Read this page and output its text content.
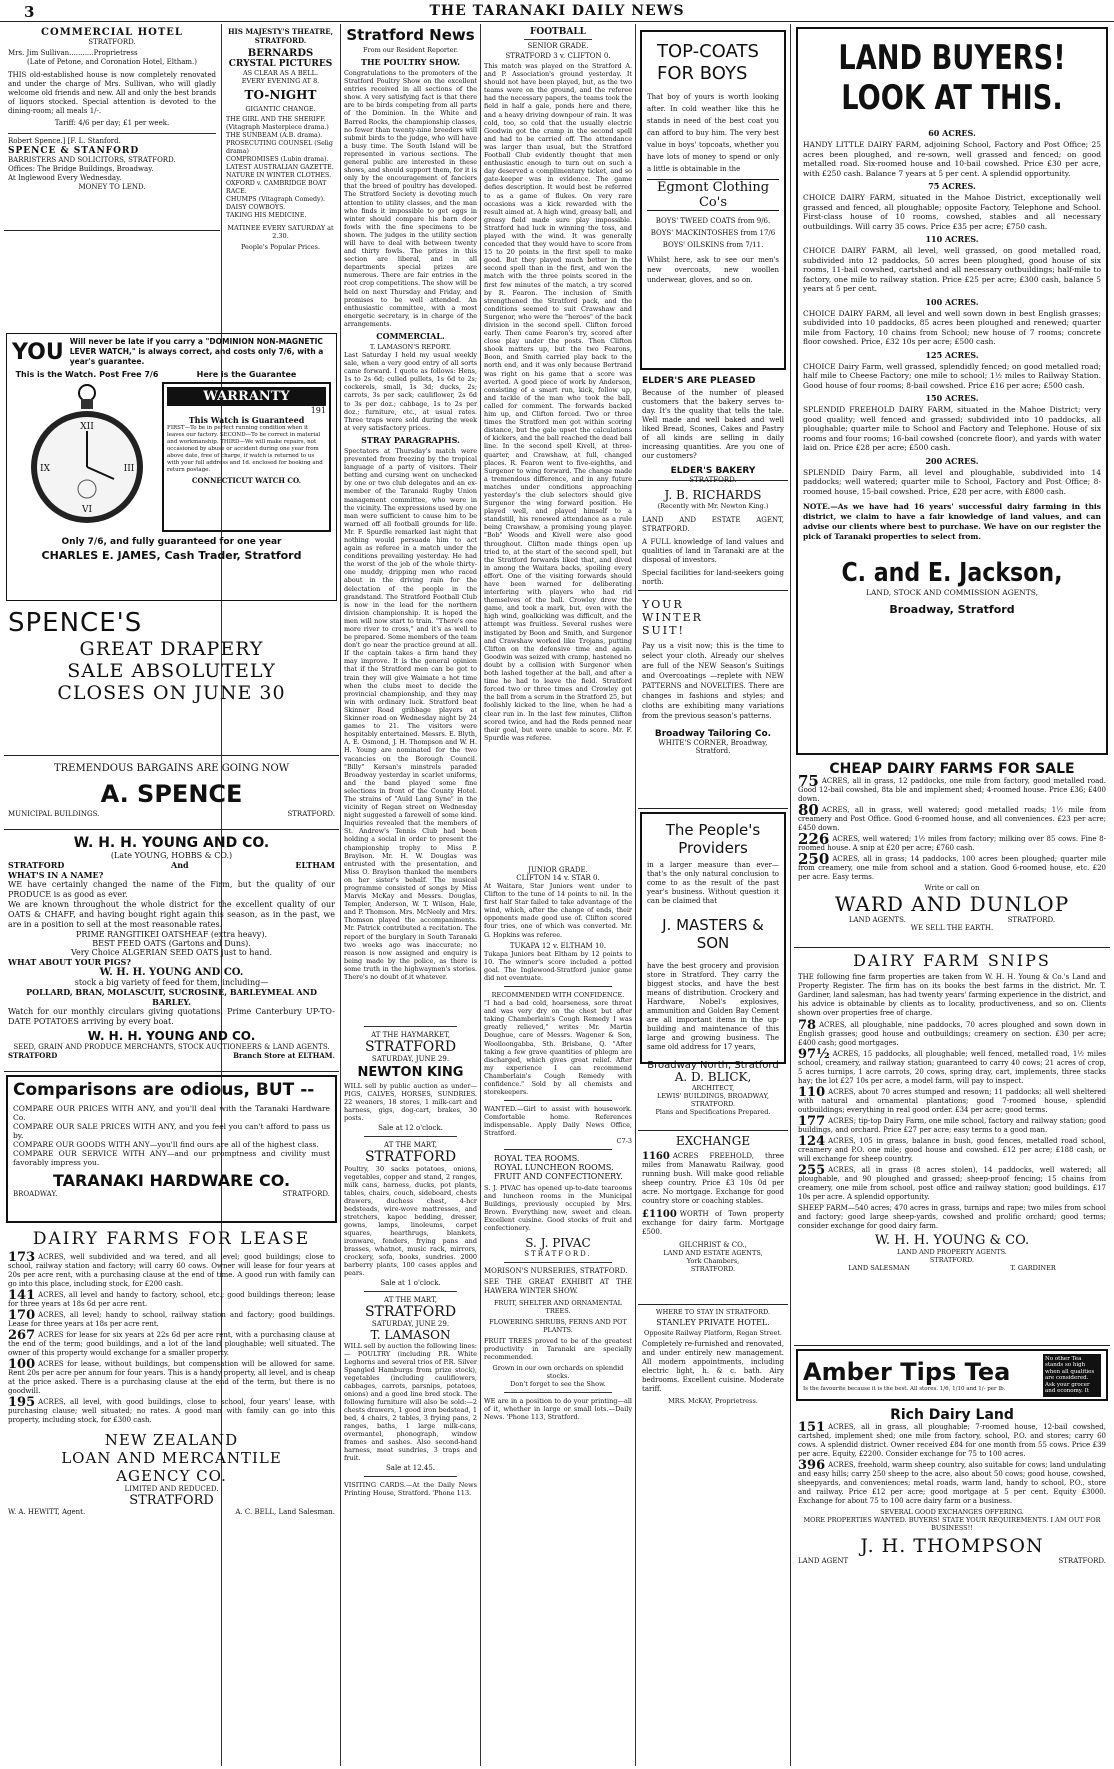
3	THE TARANAKI DAILY NEWS
COMMERCIAL HOTEL
STRATFORD.
Mrs. Jim Sullivan...........Proprietress
(Late of Petone, and Coronation Hotel, Eltham.)
THIS old-established house is now completely renovated and under the charge of Mrs. Sullivan, who will gladly welcome old friends and new. All and only the best brands of liquors stocked. Special attention is devoted to the dining-room; all meals 1/-.
Tariff: 4/6 per day; £1 per week.
Robert Spence.] [F. L. Stanford.
SPENCE & STANFORD
BARRISTERS AND SOLICITORS, STRATFORD.
Offices: The Bridge Buildings, Broadway.
At Inglewood Every Wednesday.
MONEY TO LEND.
HIS MAJESTY'S THEATRE, STRATFORD.
BERNARDS
CRYSTAL PICTURES
AS CLEAR AS A BELL.
EVERY EVENING AT 8.
TO-NIGHT
GIGANTIC CHANGE.
THE GIRL AND THE SHERIFF. (Vitagraph Masterpiece drama.)
THE SUNBEAM (A.B. drama).
PROSECUTING COUNSEL (Selig drama)
COMPROMISES (Lubin drama).
LATEST AUSTRALIAN GAZETTE.
NATURE IN WINTER CLOTHES.
OXFORD v. CAMBRIDGE BOAT RACE.
CHUMPS (Vitagraph Comedy).
DAISY COWBOYS.
TAKING HIS MEDICINE.
MATINEE EVERY SATURDAY at 2.30.
People's Popular Prices.
YOU Will never be late if you carry a "DOMINION NON-MAGNETIC LEVER WATCH," is always correct, and costs only 7/6, with a year's guarantee.
This is the Watch. Post Free 7/6
XII
III
VI
IX
Here is the Guarantee
WARRANTY
191
This Watch is Guaranteed
FIRST—To be in perfect running condition when it leaves our factory. SECOND—To be correct in material and workmanship. THIRD—We will make repairs, not occasioned by abuse or accident during one year from above date, free of charge, if watch is returned to us with your full address and 1d. enclosed for booking and return postage.
CONNECTICUT WATCH CO.
Only 7/6, and fully guaranteed for one year
CHARLES E. JAMES, Cash Trader, Stratford
SPENCE'S
GREAT DRAPERY
SALE ABSOLUTELY
CLOSES ON JUNE 30
TREMENDOUS BARGAINS ARE GOING NOW
A. SPENCE
MUNICIPAL BUILDINGS.	STRATFORD.
W. H. H. YOUNG AND CO.
(Late YOUNG, HOBBS & CO.)
STRATFORD	And	ELTHAM
WHAT'S IN A NAME?
WE have certainly changed the name of the Firm, but the quality of our PRODUCE is as good as ever.
We are known throughout the whole district for the excellent quality of our OATS & CHAFF, and having bought right again this season, as in the past, we are in a position to sell at the most reasonable rates.
PRIME RANGITIKEI OATSHEAF (extra heavy).
BEST FEED OATS (Gartons and Duns).
Very Choice ALGERIAN SEED OATS just to hand.
WHAT ABOUT YOUR PIGS?
W. H. H. YOUNG AND CO.
stock a big variety of feed for them, including—
POLLARD, BRAN, MOLASCUIT, SUCROSINE, BARLEYMEAL AND BARLEY.
Watch for our monthly circulars giving quotations. Prime Canterbury UP-TO-DATE POTATOES arriving by every boat.
W. H. H. YOUNG AND CO.
SEED, GRAIN AND PRODUCE MERCHANTS, STOCK AUCTIONEERS & LAND AGENTS.
STRATFORD	Branch Store at ELTHAM.
Comparisons are odious, BUT --
COMPARE OUR PRICES WITH ANY, and you'll deal with the Taranaki Hardware Co.
COMPARE OUR SALE PRICES WITH ANY, and you feel you can't afford to pass us by.
COMPARE OUR GOODS WITH ANY—you'll find ours are all of the highest class.
COMPARE OUR SERVICE WITH ANY—and our promptness and civility must favorably impress you.
TARANAKI HARDWARE CO.
BROADWAY.	STRATFORD.
DAIRY FARMS FOR LEASE

173 ACRES, well subdivided and wa tered, and all level; good buildings; close to school, railway station and factory; will carry 60 cows. Owner will lease for four years at 20s per acre rent, with a purchasing clause at the end of time. A good run with family can go into this place, including stock, for £200 cash.

141 ACRES, all level and handy to factory, school, etc.; good buildings thereon; lease for three years at 18s 6d per acre rent.

170 ACRES, all level; handy to school, railway station and factory; good buildings. Lease for three years at 18s per acre rent.

267 ACRES for lease for six years at 22s 6d per acre rent, with a purchasing clause at the end of the term; good buildings, and a lot of the land ploughable; well situated. The owner of this property would exchange for a smaller property.

100 ACRES for lease, without buildings, but compensation will be allowed for same. Rent 20s per acre per annum for four years. This is a handy property, all level, and is cheap at the price asked. There is a purchasing clause at the end of the term, but there is no goodwill.

195 ACRES, all level, with good buildings, close to school, four years' lease, with purchasing clause; well situated; no rates. A good man with family can go into this property, including stock, for £300 cash.

NEW ZEALAND
LOAN AND MERCANTILE
AGENCY CO.
LIMITED AND REDUCED.
STRATFORD
W. A. HEWITT, Agent.	A. C. BELL, Land Salesman.
Stratford News
From our Resident Reporter.
THE POULTRY SHOW.
Congratulations to the promoters of the Stratford Poultry Show on the excellent entries received in all sections of the show. A very satisfying fact is that there are to be birds competing from all parts of the Dominion. In the White and Barred Rocks, the championship classes, no fewer than twenty-nine breeders will submit birds to the judge, who will have a busy time. The South Island will be represented in various sections. The general public are interested in these shows, and should support them, for it is only by the encouragement of fanciers that the breed of poultry has developed. The Stratford Society is devoting much attention to utility classes, and the man who finds it impossible to get eggs in winter should compare his barn door fowls with the fine specimens to be shown. The judges in the utility section will have to deal with between twenty and thirty fowls. The prizes in this section are liberal, and in all departments special prizes are numerous. There are fair entries in the root crop competitions. The show will be held on next Thursday and Friday, and promises to be well attended. An enthusiastic committee, with a most energetic secretary, is in charge of the arrangements.
COMMERCIAL.
T. LAMASON'S REPORT.
Last Saturday I held my usual weekly sale, when a very good entry of all sorts came forward. I quote as follows: Hens, 1s to 2s 6d; culled pullets, 1s 6d to 2s; cockerels, small, 1s 3d; ducks, 2s; carrots, 3s per sack; cauliflower, 2s 6d to 3s per doz.; cabbage, 1s to 2s per doz.; furniture, etc., at usual rates. Three traps were sold during the week at very satisfactory prices.
STRAY PARAGRAPHS.
Spectators at Thursday's match were prevented from freezing by the tropical language of a party of visitors. Their betting and cursing went on unchecked by one or two club delegates and an ex-member of the Taranaki Rugby Union management committee, who were in the vicinity. The expressions used by one man were sufficient to cause him to be warned off all football grounds for life. Mr. F. Spurdle remarked last night that nothing would persuade him to act again as referee in a match under the conditions prevailing yesterday. He had the worst of the job of the whole thirty-one muddy, dripping men who raced about in the driving rain for the delectation of the people in the grandstand. The Stratford Football Club is now in the lead for the northern division championship. It is hoped the men will now start to train. "There's one more river to cross," and it's as well to be prepared. Some members of the team don't go near the practice ground at all. If the captain takes a firm hand they may improve. It is the general opinion that if the Stratford men can be got to train they will give Waimate a hot time when the clubs meet to decide the provincial championship, and they may win with ordinary luck. Stratford beat Skinner Road gribbage players at Skinner road on Wednesday night by 24 games to 21. The visitors were hospitably entertained. Messrs. E. Blyth, A. E. Osmond, J. H. Thompson and W. H. H. Young are nominated for the two vacancies on the Borough Council. "Billy" Kersan's minstrels paraded Broadway yesterday in scarlet uniforms, and the band played some fine selections in front of the County Hotel. The strains of "Auld Lang Syne" in the vicinity of Regan street on Wednesday night suggested a farewell of some kind. Inquiries revealed that the members of St. Andrew's Tennis Club had been holding a social in order to present the championship trophy to Miss P. Braylson. Mr. H. W. Douglas was entrusted with the presentation, and Miss O. Braylson thanked the members on her sister's behalf. The musical programme consisted of songs by Miss Marvis McKay and Messrs. Douglas, Templer, Anderson, W. T. Wilson, Hale, and P. Thomson. Mrs. McNeely and Mrs. Thomson played the accompaniments. Mr. Patrick contributed a recitation. The report of the burglary in South Taranaki two weeks ago was inaccurate; no reason is now assigned and enquiry is being made by the police, as there is some truth in the highwaymen's stories. There's no doubt of it whatever.
AT THE HAYMARKET,
STRATFORD
SATURDAY, JUNE 29.
NEWTON KING
WILL sell by public auction as under— PIGS, CALVES, HORSES, SUNDRIES. 22 weaners, 18 stores, 1 milk-cart and harness, gigs, dog-cart, brakes, 30 posts.
Sale at 12 o'clock.
AT THE MART,
STRATFORD
Poultry, 30 sacks potatoes, onions, vegetables, copper and stand, 2 ranges, milk cans, harness, ducks, pot plants, tables, chairs, couch, sideboard, chests drawers, duchess chest, 4-hcr bedsteads, wire-wove mattresses, and stretchers, kapoc bedding, dresser, gowns, lamps, linoleums, carpet squares, hearthrugs, blankets, ironware, fenders, frying pans and brasses, whatnot, music rack, mirrors, crockery, sofa, books, sundries. 2000 barberry plants, 100 cases apples and pears.
Sale at 1 o'clock.
AT THE MART,
STRATFORD
SATURDAY, JUNE 29.
T. LAMASON
WILL sell by auction the following lines:— POULTRY (including P.R. White Leghorns and several trios of P.R. Silver Spangled Hamburgs from prize stock), vegetables (including cauliflowers, cabbages, carrots, parsnips, potatoes, onions) and a good line bred stock. The following furniture will also be sold:—2 chests drawers, 1 good iron bedstead, 1 bed, 4 chairs, 2 tables, 3 frying pans, 2 ranges, baths, 1 large milk-cans, overmantel, phonograph, window frames and sashes. Also second-hand harness, meat sundries, 3 traps and fruit.
Sale at 12.45.
VISITING CARDS.—At the Daily News Printing House, Stratford. 'Phone 113.
FOOTBALL
SENIOR GRADE.
STRATFORD 3 v. CLIFTON 0.
This match was played on the Stratford A. and P. Association's ground yesterday. It should not have been played, but, as the two teams were on the ground, and the referee had the necessary papers, the teams took the field in half a gale, ponds here and there, and a heavy driving downpour of rain. It was cold, too, so cold that the usually electric Goodwin got the cramp in the second spell and had to be carried off. The attendance was larger than usual, but the Stratford Football Club evidently thought that men enthusiastic enough to turn out on such a day deserved a complimentary ticket, and so gate-keeper was in evidence. The game defies description. It would best be referred to as a game of flukes. On very rare occasions was a kick rewarded with the result aimed at. A high wind, greasy ball, and greasy field made sure play impossible. Stratford had luck in winning the toss, and played with the wind. It was generally conceded that they would have to score from 15 to 20 points in the first spell to make good. But they played much better in the second spell than in the first, and won the match with the three points scored in the first few minutes of the match, a try scored by R. Fearon. The inclusion of Smith strengthened the Stratford pack, and the conditions seemed to suit Crawshaw and Surgenor, who were the "heroes" of the back division in the second spell. Clifton forced early. Then came Fearon's try, scored after close play under the posts. Then Clifton shook matters up, but the two Fearons, Boon, and Smith carried play back to the north end, and it was only because Bertrand was right on his game that a score was averted. A good piece of work by Anderson, consisting of a smart run, kick, follow up, and tackle of the man who took the ball, called for comment. The forwards backed him up, and Clifton forced. Two or three times the Stratford men got within scoring distance, but the gale upset the calculations of kickers, and the ball reached the dead ball line. In the second spell Kivell, at three-quarter, and Crawshaw, at full, changed places. R. Fearon went to five-eighths, and Surgenor to wing forward. The change made a tremendous difference, and in any future matches under conditions approaching yesterday's the club selectors should give Surgenor the wing forward position. He played well, and played himself to a standstill, his renewed attendance as a rule being Crawshaw, a promising young player. "Bob" Woods and Kivell were also good throughout. Clifton made things open up tried to, at the start of the second spell, but the Stratford forwards liked that, and dived in among the Waitara backs, spoiling every effort. One of the visiting forwards should have been warned for deliberating interfering with players who had rid themselves of the ball. Crowley drew the game, and took a mark, but, even with the high wind, goalkicking was difficult, and the attempt was fruitless. Several rushes were instigated by Boon and Smith, and Surgenor and Crawshaw worked like Trojans, putting Clifton on the defensive time and again. Goodwin was seized with cramp, hastened no doubt by a collision with Surgenor when both lashed together at the ball, and after a time he had to leave the field. Stratford forced two or three times and Crowley got the ball from a scrum in the Stratford 25, but foolishly kicked to the line, when he had a clear run in. In the last few minutes, Clifton scored twice, and had the Reds penned near their goal, but were unable to score. Mr. F. Spurdle was referee.
JUNIOR GRADE.
CLIFTON 14 v. STAR 0.
At Waitara, Star Juniors went under to Clifton to the tune of 14 points to nil. In the first half Star failed to take advantage of the wind, which, after the change of ends, their opponents made good use of. Clifton scored four tries, one of which was converted. Mr. G. Hopkins was referee.
TUKAPA 12 v. ELTHAM 10.
Tukapa Juniors beat Eltham by 12 points to 10. The winner's score included a potted goal. The Inglewood-Stratford junior game did not eventuate.
RECOMMENDED WITH CONFIDENCE.
"I had a bad cold, hoarseness, sore throat and was very dry on the chest but after taking Chamberlain's Cough Remedy I was greatly relieved," writes Mr. Martin Doughue, care of Messrs. Wagener & Son, Woolloongabba, Sth. Brisbane, Q. "After taking a few grave quantities of phlegm are discharged, which gives great relief. After my experience I can recommend Chamberlain's Cough Remedy with confidence." Sold by all chemists and storekeepers.
WANTED.—Girl to assist with housework. Comfortable home. References indispensable. Apply Daily News Office, Stratford.
C7-3
ROYAL TEA ROOMS.
ROYAL LUNCHEON ROOMS.
FRUIT AND CONFECTIONERY.
S. J. PIVAC has opened up-to-date tearooms and luncheon rooms in the Municipal Buildings, previously occupied by Mrs. Brown. Everything new, sweet and clean. Excellent cuisine. Good stocks of fruit and confectionery.
S. J. PIVAC
STRATFORD.
MORISON'S NURSERIES, STRATFORD.
SEE THE GREAT EXHIBIT AT THE HAWERA WINTER SHOW.
FRUIT, SHELTER AND ORNAMENTAL TREES.
FLOWERING SHRUBS, FERNS AND POT PLANTS.
FRUIT TREES proved to be of the greatest productivity in Taranaki are specially recommended.
Grown in our own orchards on splendid stocks.
Don't forget to see the Show.
WE are in a position to do your printing—all of it, whether in large or small lots.—Daily News. 'Phone 113, Stratford.
TOP-COATS
FOR BOYS
That boy of yours is worth looking after. In cold weather like this he stands in need of the best coat you can afford to buy him. The very best value in boys' topcoats, whether you have lots of money to spend or only a little is obtainable in the
Egmont Clothing Co's
BOYS' TWEED COATS from 9/6.
BOYS' MACKINTOSHES from 17/6
BOYS' OILSKINS from 7/11.
Whilst here, ask to see our men's new overcoats, new woollen underwear, gloves, and so on.
ELDER'S ARE PLEASED
Because of the number of pleased customers that the bakery serves to-day. It's the quality that tells the tale. Well made and well baked and well liked Bread, Scones, Cakes and Pastry of all kinds are selling in daily increasing quantities. Are you one of our customers?
ELDER'S BAKERY
STRATFORD.
J. B. RICHARDS
(Recently with Mr. Newton King.)
LAND AND ESTATE AGENT, STRATFORD.
A FULL knowledge of land values and qualities of land in Taranaki are at the disposal of investors.
Special facilities for land-seekers going north.
YOUR
WINTER
SUIT!
Pay us a visit now; this is the time to select your cloth. Already our shelves are full of the NEW Season's Suitings and Overcoatings —replete with NEW PATTERNS and NOVELTIES. There are changes in fashions and styles; and cloths are exhibiting many variations from the previous season's patterns.
Broadway Tailoring Co.
WHITE'S CORNER, Broadway, Stratford.
The People's Providers
in a larger measure than ever—that's the only natural conclusion to come to as the result of the past year's business. Without question it can be claimed that
J. MASTERS & SON
have the best grocery and provision store in Stratford. They carry the biggest stocks, and have the best means of distribution. Crockery and Hardware, Nobel's explosives, ammunition and Golden Bay Cement are all important items in the up-building and maintenance of this large and growing business. The same old address for 17 years,
Broadway North, Stratford
A. D. BLICK,
ARCHITECT,
LEWIS' BUILDINGS, BROADWAY,
STRATFORD.
Plans and Specifications Prepared.
EXCHANGE
1160 ACRES FREEHOLD, three miles from Manawatu Railway, good running bush. Will make good reliable sheep country. Price £3 10s 0d per acre. No mortgage. Exchange for good country store or coaching stables.
£1100 WORTH of Town property exchange for dairy farm. Mortgage £500.
GILCHRIST & CO.,
LAND AND ESTATE AGENTS,
York Chambers,
STRATFORD.
WHERE TO STAY IN STRATFORD.
STANLEY PRIVATE HOTEL.
Opposite Railway Platform, Regan Street.
Completely re-furnished and renovated, and under entirely new management. All modern appointments, including electric light, h. & c. bath. Airy bedrooms. Excellent cuisine. Moderate tariff.
MRS. McKAY, Proprietress.
LAND BUYERS!
LOOK AT THIS.
60 ACRES.
HANDY LITTLE DAIRY FARM, adjoining School, Factory and Post Office; 25 acres been ploughed, and re-sown, well grassed and fenced; on good metalled road. Six-roomed house and 10-bail cowshed. Price £30 per acre, with £250 cash. Balance 7 years at 5 per cent. A splendid opportunity.
75 ACRES.
CHOICE DAIRY FARM, situated in the Mahoe District, exceptionally well grassed and fenced, all ploughable; opposite Factory, Telephone and School. First-class house of 10 rooms, cowshed, stables and all necessary outbuildings. Will carry 35 cows. Price £35 per acre; £750 cash.
110 ACRES.
CHOICE DAIRY FARM, all level, well grassed, on good metalled road, subdivided into 12 paddocks, 50 acres been ploughed, good house of six rooms, 11-bail cowshed, cartshed and all necessary outbuildings; half-mile to factory, one mile to railway station. Price £25 per acre; £300 cash, balance 5 years at 5 per cent.
100 ACRES.
CHOICE DAIRY FARM, all level and well sown down in best English grasses; subdivided into 10 paddocks, 85 acres been ploughed and renewed; quarter mile from Factory, 10 chains from School; new house of 7 rooms; concrete floor cowshed. Price, £32 10s per acre; £500 cash.
125 ACRES.
CHOICE Dairy Farm, well grassed, splendidly fenced; on good metalled road; half mile to Cheese Factory; one mile to school; 1½ miles to Railway Station. Good house of four rooms; 8-bail cowshed. Price £16 per acre; £500 cash.
150 ACRES.
SPLENDID FREEHOLD DAIRY FARM, situated in the Mahoe District; very good quality; well fenced and grassed; subdivided into 10 paddocks, all ploughable; quarter mile to School and Factory and Telephone. House of six rooms and four rooms; 16-bail cowshed (concrete floor), and yards with water laid on. Price £28 per acre; £500 cash.
200 ACRES.
SPLENDID Dairy Farm, all level and ploughable, subdivided into 14 paddocks; well watered; quarter mile to School, Factory and Post Office; 8-roomed house, 15-bail cowshed. Price, £28 per acre, with £800 cash.
NOTE.—As we have had 16 years' successful dairy farming in this district, we claim to have a fair knowledge of land values, and can advise our clients where best to purchase. We have on our register the pick of Taranaki properties to select from.
C. and E. Jackson,
LAND, STOCK AND COMMISSION AGENTS,
Broadway, Stratford
CHEAP DAIRY FARMS FOR SALE

75 ACRES, all in grass, 12 paddocks, one mile from factory, good metalled road. Good 12-bail cowshed, 8ta ble and implement shed; 4-roomed house. Price £36; £400 down.

80 ACRES, all in grass, well watered; good metalled roads; 1½ mile from creamery and Post Office. Good 6-roomed house, and all conveniences. £23 per acre; £450 down.

226 ACRES, well watered; 1½ miles from factory; milking over 85 cows. Fine 8-roomed house. A snip at £20 per acre; £760 cash.

250 ACRES, all in grass; 14 paddocks, 100 acres been ploughed; quarter mile from creamery, one mile from school and a station. Good 6-roomed house, etc. £20 per acre. Easy terms.

Write or call on
WARD AND DUNLOP
LAND AGENTS.	STRATFORD.
WE SELL THE EARTH.
DAIRY FARM SNIPS
THE following fine farm properties are taken from W. H. H. Young & Co.'s Land and Property Register. The firm has on its books the best farms in the district. Mr. T. Gardiner, land salesman, has had twenty years' farming experience in the district, and his advice is obtainable by clients as to locality, productiveness, and so on. Clients shown over properties free of charge.

78 ACRES, all ploughable, nine paddocks, 70 acres ploughed and sown down in English grasses; good house and outbuildings; creamery on section. £30 per acre; £400 cash; good mortgages.

97½ ACRES, 15 paddocks, all ploughable; well fenced, metalled road, 1½ miles school, creamery, and railway station; guaranteed to carry 40 cows; 21 acres of crop, 5 acres turnips, 1 acre carrots, 20 cows, spring dray, cart, implements, three stacks hay; the lot £27 10s per acre, a model farm, will pay to inspect.

110 ACRES, about 70 acres stumped and resown; 11 paddocks; all well sheltered with natural and ornamental plantations; good 7-roomed house, splendid outbuildings; everything in real good order. £34 per acre; good terms.

177 ACRES; tip-top Dairy Farm, one mile school, factory and railway station; good buildings, and orchard. Price £27 per acre; easy terms to a good man.

124 ACRES, 105 in grass, balance in bush, good fences, metalled road school, creamery and P.O. one mile; good house and cowshed. £12 per acre; £188 cash, or will exchange for sheep country.

255 ACRES, all in grass (8 acres stolen), 14 paddocks, well watered; all ploughable, and 90 ploughed and grassed; sheep-proof fencing; 15 chains from creamery, one mile from school, post office and railway station; good buildings. £17 10s per acre. A splendid opportunity.

SHEEP FARM—540 acres; 470 acres in grass, turnips and rape; two miles from school and factory; good large sheep-yards, cowshed and prolific orchard; good terms; consider exchange for good dairy farm.

W. H. H. YOUNG & CO.
LAND AND PROPERTY AGENTS.
STRATFORD.
LAND SALESMAN	T. GARDINER
Amber Tips Tea
Is the favourite because it is the best. All stores. 1/6, 1/10 and 1/- per lb.
No other Tea stands so high when all qualities are considered. Ask your grocer and economy. It
Rich Dairy Land

151 ACRES, all in grass, all ploughable; 7-roomed house, 12-bail cowshed, cartshed, implement shed; one mile from factory, school, P.O. and stores; carry 60 cows. A splendid district. Owner received £84 for one month from 55 cows. Price £39 per acre. Equity, £2200. Consider exchange for 75 to 100 acres.

396 ACRES, freehold, warm sheep country, also suitable for cows; land undulating and easy hills; carry 250 sheep to the acre, also about 50 cows; good house, cowshed, sheepyards, and conveniences; metal roads, warm land, handy to school, P.O., store and railway. Price £12 per acre; good mortgage at 5 per cent. Equity £3000. Exchange for about 75 to 100 acre dairy farm or a business.

SEVERAL GOOD EXCHANGES OFFERING.
MORE PROPERTIES WANTED. BUYERS! STATE YOUR REQUIREMENTS. I AM OUT FOR BUSINESS!!
J. H. THOMPSON
LAND AGENT	STRATFORD.
